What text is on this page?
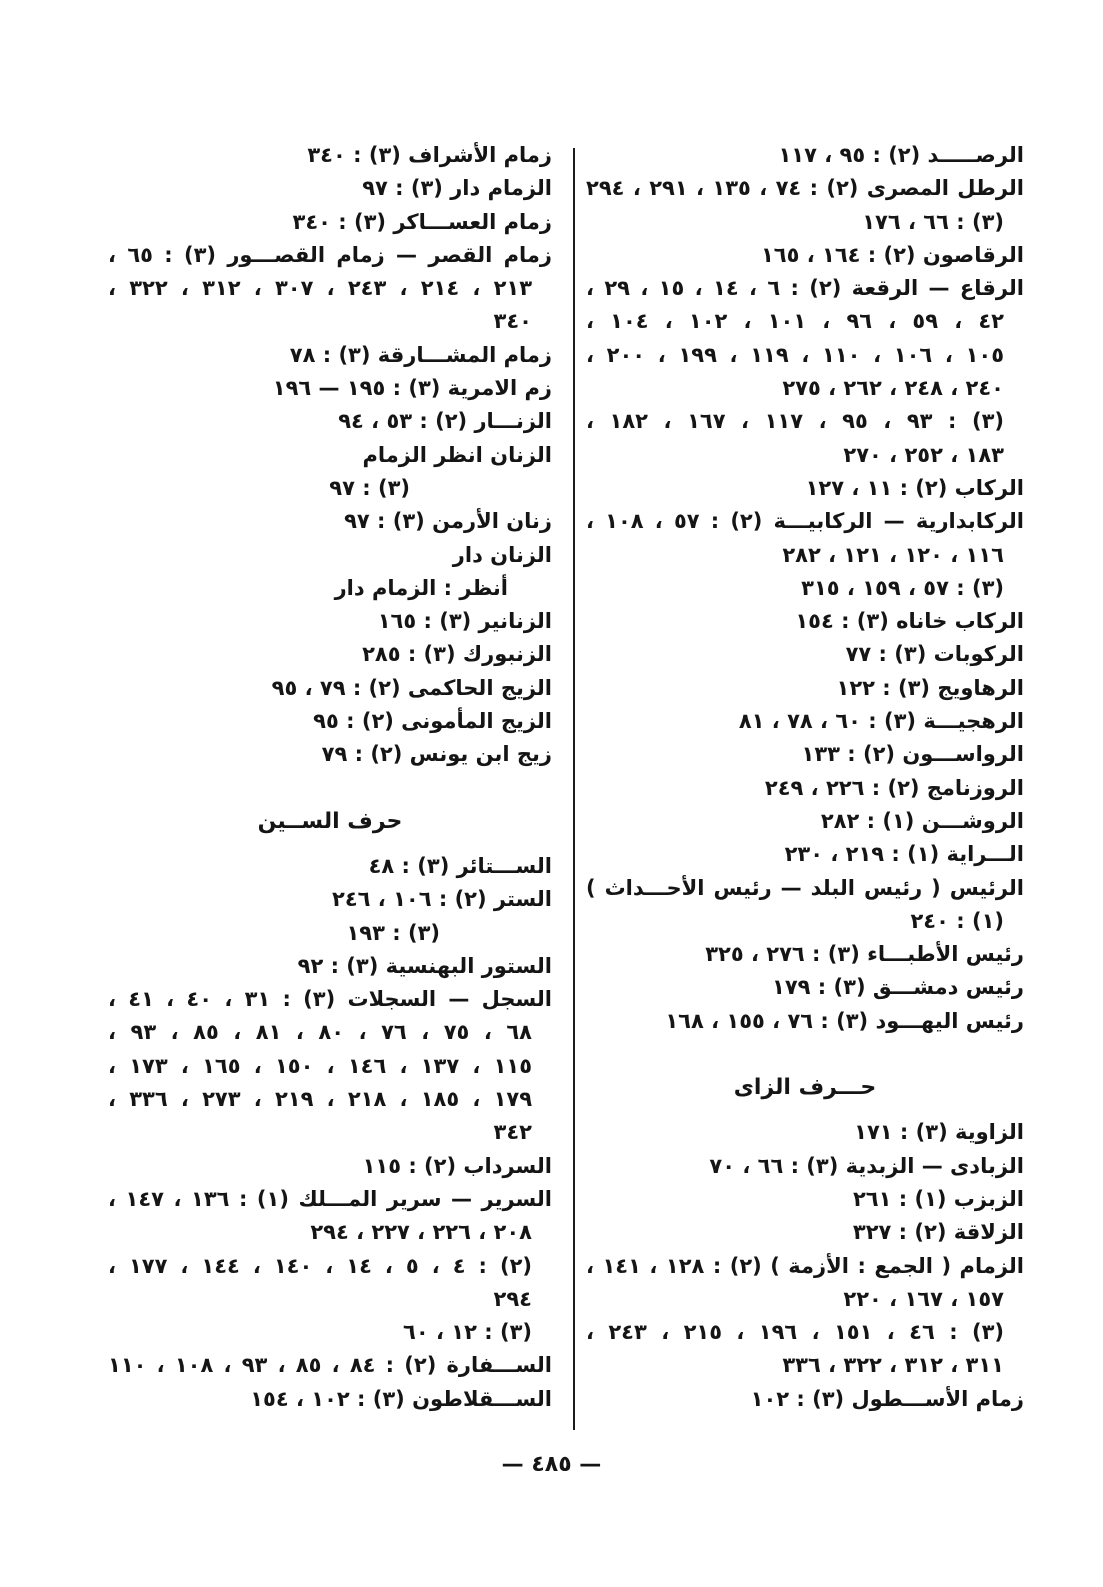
الرصـــــد (٢) : ٩٥ ، ١١٧
الرطل المصرى (٢) : ٧٤ ، ١٣٥ ، ٢٩١ ، ٢٩٤
(٣) : ٦٦ ، ١٧٦
الرقاصون (٢) : ١٦٤ ، ١٦٥
الرقاع — الرقعة (٢) : ٦ ، ١٤ ، ١٥ ، ٢٩ ،
٤٢ ، ٥٩ ، ٩٦ ، ١٠١ ، ١٠٢ ، ١٠٤ ،
١٠٥ ، ١٠٦ ، ١١٠ ، ١١٩ ، ١٩٩ ، ٢٠٠ ،
٢٤٠ ، ٢٤٨ ، ٢٦٢ ، ٢٧٥
(٣) : ٩٣ ، ٩٥ ، ١١٧ ، ١٦٧ ، ١٨٢ ،
١٨٣ ، ٢٥٢ ، ٢٧٠
الركاب (٢) : ١١ ، ١٢٧
الركابدارية — الركابيـــة (٢) : ٥٧ ، ١٠٨ ،
١١٦ ، ١٢٠ ، ١٢١ ، ٢٨٢
(٣) : ٥٧ ، ١٥٩ ، ٣١٥
الركاب خاناه (٣) : ١٥٤
الركوبات (٣) : ٧٧
الرهاويج (٣) : ١٢٢
الرهجيـــة (٣) : ٦٠ ، ٧٨ ، ٨١
الرواســـون (٢) : ١٣٣
الروزنامج (٢) : ٢٢٦ ، ٢٤٩
الروشـــن (١) : ٢٨٢
الـــراية (١) : ٢١٩ ، ٢٣٠
الرئيس ( رئيس البلد — رئيس الأحـــداث )
(١) : ٢٤٠
رئيس الأطبـــاء (٣) : ٢٧٦ ، ٣٢٥
رئيس دمشـــق (٣) : ١٧٩
رئيس اليهـــود (٣) : ٧٦ ، ١٥٥ ، ١٦٨
حـــرف الزاى
الزاوية (٣) : ١٧١
الزبادى — الزبدية (٣) : ٦٦ ، ٧٠
الزبزب (١) : ٢٦١
الزلاقة (٢) : ٣٢٧
الزمام ( الجمع : الأزمة ) (٢) : ١٢٨ ، ١٤١ ،
١٥٧ ، ١٦٧ ، ٢٢٠
(٣) : ٤٦ ، ١٥١ ، ١٩٦ ، ٢١٥ ، ٢٤٣ ،
٣١١ ، ٣١٢ ، ٣٢٢ ، ٣٣٦
زمام الأســـطول (٣) : ١٠٢
زمام الأشراف (٣) : ٣٤٠
الزمام دار (٣) : ٩٧
زمام العســـاكر (٣) : ٣٤٠
زمام القصر — زمام القصـــور (٣) : ٦٥ ،
٢١٣ ، ٢١٤ ، ٢٤٣ ، ٣٠٧ ، ٣١٢ ، ٣٢٢ ،
٣٤٠
زمام المشـــارقة (٣) : ٧٨
زم الامرية (٣) : ١٩٥ — ١٩٦
الزنـــار (٢) : ٥٣ ، ٩٤
الزنان انظر الزمام
(٣) : ٩٧
زنان الأرمن (٣) : ٩٧
الزنان دار
أنظر : الزمام دار
الزنانير (٣) : ١٦٥
الزنبورك (٣) : ٢٨٥
الزيج الحاكمى (٢) : ٧٩ ، ٩٥
الزيج المأمونى (٢) : ٩٥
زيج ابن يونس (٢) : ٧٩
حرف الســين
الســـتائر (٣) : ٤٨
الستر (٢) : ١٠٦ ، ٢٤٦
(٣) : ١٩٣
الستور البهنسية (٣) : ٩٢
السجل — السجلات (٣) : ٣١ ، ٤٠ ، ٤١ ،
٦٨ ، ٧٥ ، ٧٦ ، ٨٠ ، ٨١ ، ٨٥ ، ٩٣ ،
١١٥ ، ١٣٧ ، ١٤٦ ، ١٥٠ ، ١٦٥ ، ١٧٣ ،
١٧٩ ، ١٨٥ ، ٢١٨ ، ٢١٩ ، ٢٧٣ ، ٣٣٦ ،
٣٤٢
السرداب (٢) : ١١٥
السرير — سرير المـــلك (١) : ١٣٦ ، ١٤٧ ،
٢٠٨ ، ٢٢٦ ، ٢٢٧ ، ٢٩٤
(٢) : ٤ ، ٥ ، ١٤ ، ١٤٠ ، ١٤٤ ، ١٧٧ ،
٢٩٤
(٣) : ١٢ ، ٦٠
الســـفارة (٢) : ٨٤ ، ٨٥ ، ٩٣ ، ١٠٨ ، ١١٠
الســـقلاطون (٣) : ١٠٢ ، ١٥٤
— ٤٨٥ —
